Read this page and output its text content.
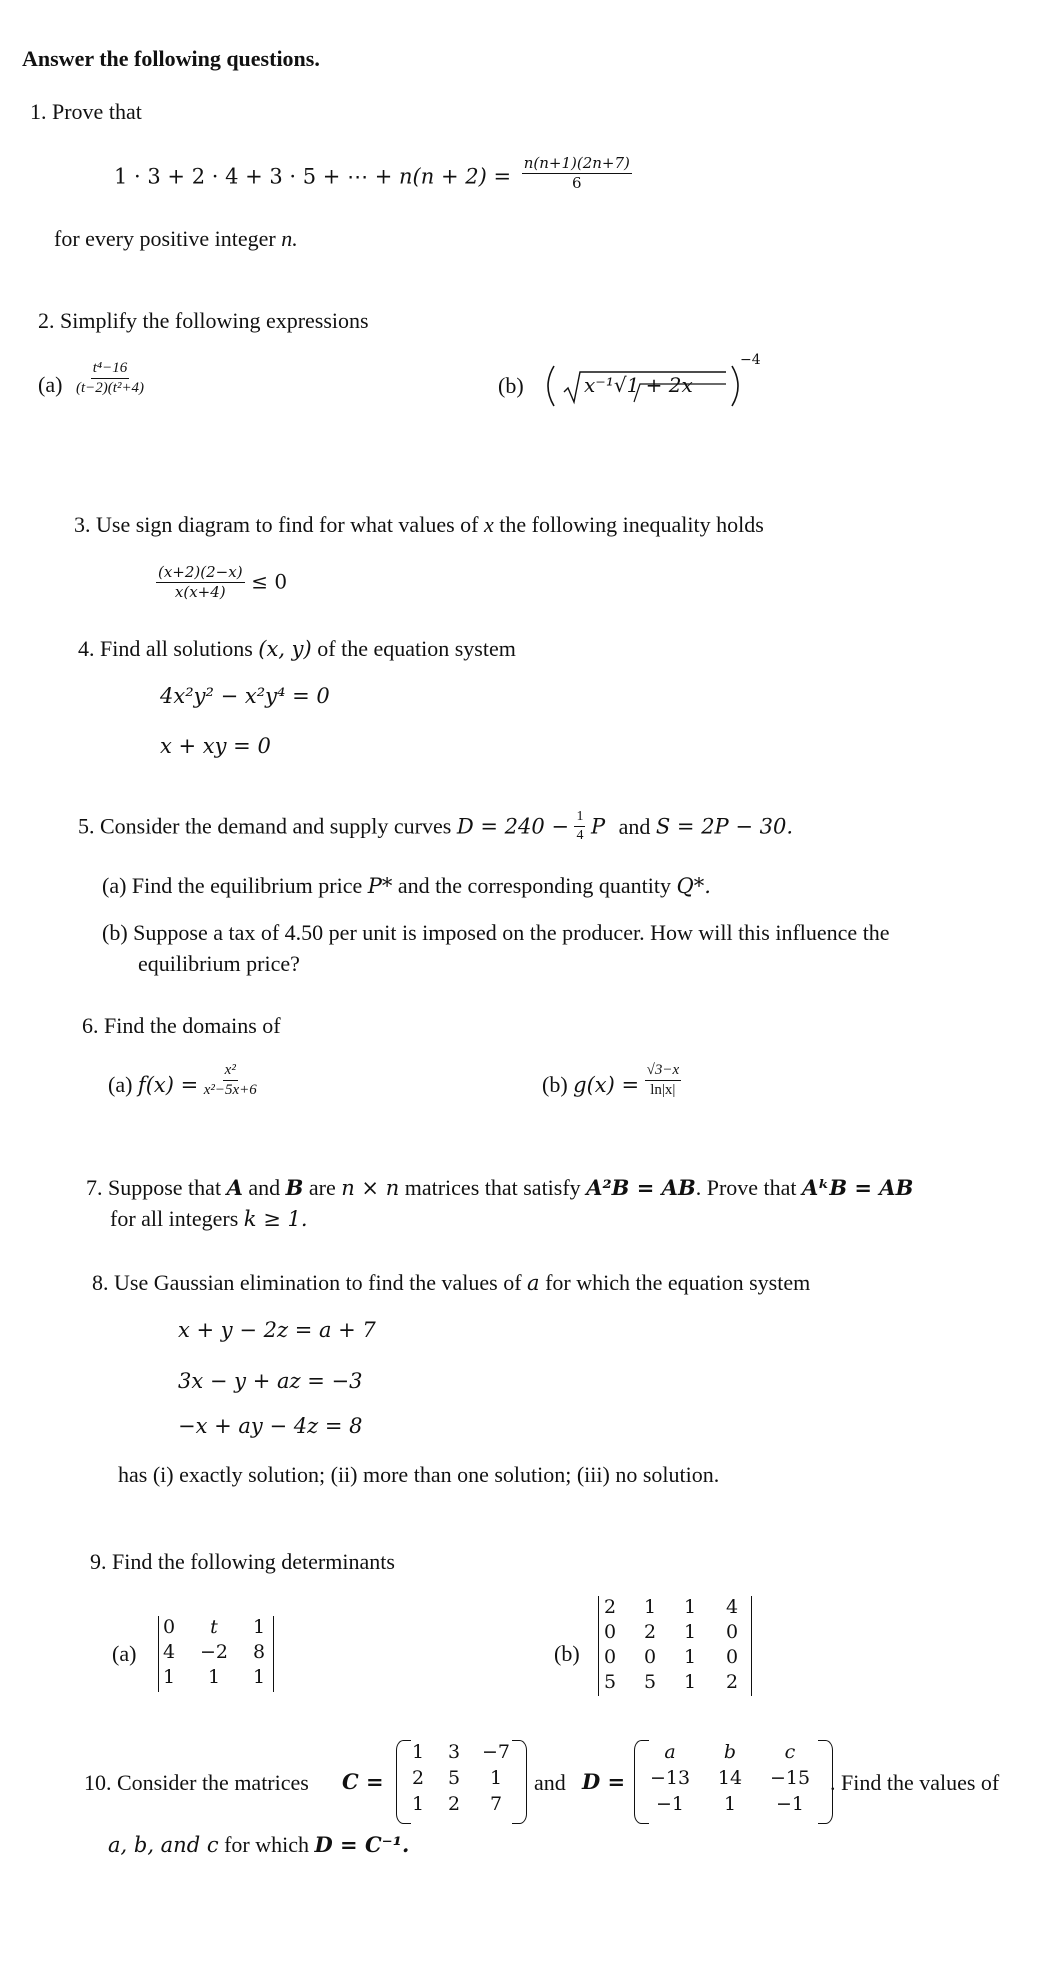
Answer the following questions.
1. Prove that
1 · 3 + 2 · 4 + 3 · 5 + ⋯ + $n(n + 2) = \frac{n(n+1)(2n+7)}{6}$
for every positive integer n.
2. Simplify the following expressions
$(a) \frac{\text{t⁴−16}}{\text{(t−2)(t²+4)}}$	(b)	x⁻¹√1 + 2x
−4
3. Use sign diagram to find for what values of x the following inequality holds
$\frac{(x+2)(2-x)}{x(x+4)} \le 0$
4. Find all solutions (x, y) of the equation system
4x²y² − x²y⁴ = 0
x + xy = 0
5. Consider the demand and supply curves $D = 240 - \frac{1}{4}$ P and S = 2P − 30.
(a) Find the equilibrium price P* and the corresponding quantity Q*.
(b) Suppose a tax of 4.50 per unit is imposed on the producer. How will this influence the
equilibrium price?
6. Find the domains of
(a) $f(x) = \frac{\text{x²}}{\text{x²−5x+6}}$	(b) $g(x) = \frac{√3-x}{\ln|x|}$
7. Suppose that A and B are n × n matrices that satisfy A²B = AB. Prove that AᵏB = AB
for all integers k ≥ 1.
8. Use Gaussian elimination to find the values of a for which the equation system
x + y − 2z = a + 7
3x − y + az = −3
−x + ay − 4z = 8
has (i) exactly solution; (ii) more than one solution; (iii) no solution.
9. Find the following determinants
(a)
0	t	1
4 −2 8
1	1	1
(b)
2 1 1 4
0 2 1 0
0 0 1 0
5 5 1 2
10. Consider the matrices C =
1	3	−7
2	5	1
1	2	7
and D =
a	b	c
−13	14	−15
−1	1	−1
. Find the values of
a, b, and c for which D = C⁻¹.
